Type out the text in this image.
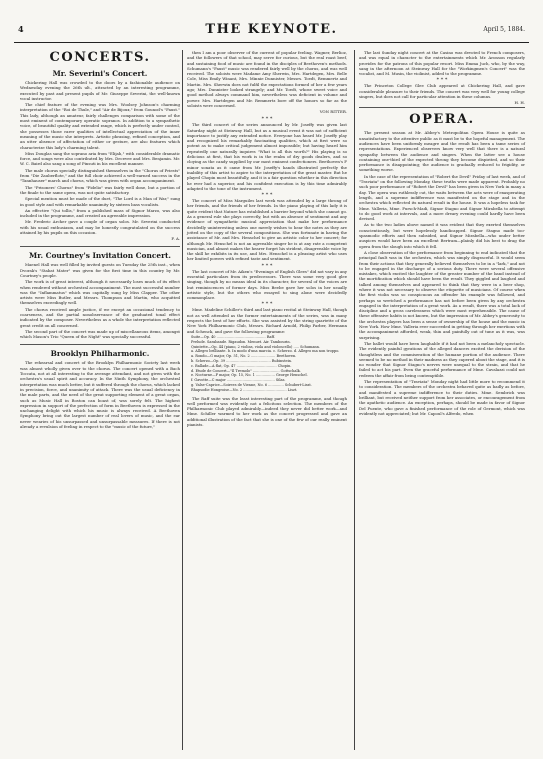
4	THE KEYNOTE.	April 5, 1884.
CONCERTS.
Mr. Severini's Concert.

Chickering Hall was crowded to the doors by a fashionable audience on Wednesday evening the 26th ult., attracted by an interesting programme, executed by past and present pupils of Mr. Giuseppe Severini, the well-known vocal instructor.

The chief feature of the evening was Mrs. Woolsey Johnson's charming interpretation of the "Roi de Thule," and "Air de Bijoux," from Gounod's "Faust." This lady, although an amateur, fairly challenges comparison with some of the most eminent of contemporary operatic sopranos. In addition to a sympathetic voice, of beautiful quality and extended range, which is perfectly under control, she possesses those rarer qualities of intellectual appreciation of the inner meaning of the music she interprets. Artistic phrasing, refined conception, and an utter absence of affectation of either or gesture, are also features which characterize this lady's charming talent.

Miss Douglas sang the soprano aria from "Elijah," with considerable dramatic force, and songs were also contributed by Mrs. Decevee and Mrs. Benjamin. Mr. W. C. Baird also sang a song of Pinsuti in his excellent manner.

The male chorus specially distinguished themselves in the "Chorus of Priests" from "Die Zauberflote," and the full choir achieved a well-earned success in the "Tannhauser" march and chorus, which was given with organ accompaniment.

The "Prisoners' Chorus" from "Fidelio" was fairly well done, but a portion of the finale to the same opera, was not quite satisfactory.

Special mention must be made of the duet, "The Lord is a Man of War," sung in good style and with remarkable unanimity by sixteen bass vocalists.

An effective "Qui tollis," from a published mass of Signor Marzo, was also included in the programme, and created an agreeable impression.

Mr. Frederic Archer gave a couple of organ solos. Mr. Severini conducted with his usual enthusiasm, and may be honestly congratulated on the success attained by his pupils on this occasion.

F. A.
Mr. Courtney's Invitation Concert.

Maenel Hall was well filled by invited guests on Tuesday the 25th inst., when Dvorak's "Stabat Mater" was given for the first time in this country by Mr. Courtney's people.

The work is of great interest, although it necessarily loses much of its effect when rendered without orchestral accompaniment. The most successful number was the "Inflammatus" which was capitally sung by Miss Clapper. The other artists were Miss Butler, and Messrs. Thompson and Martin, who acquitted themselves exceedingly well.

The chorus received ample justice, if we except an occasional tendency to coarseness, and the partial nonobservance of the graduated tonal effect indicated by the composer. Nevertheless as a whole the interpretation reflected great credit on all concerned.

The second part of the concert was made up of miscellaneous items, amongst which Mason's Trio "Queen of the Night" was specially successful.

Brooklyn Philharmonic.

The rehearsal and concert of the Brooklyn Philharmonic Society last week was almost wholly given over to the chorus. The concert opened with a Bach Toccata, not at all interesting to the average attendant, and not given with the orchestra's usual spirit and accuracy. In the Ninth Symphony, the orchestral interpretation was much better, but it suffered through the chorus, which lacked in precision, force, and unanimity of attack. There was the usual deficiency in the male parts, and the need of the great supporting element of a great organ, such as Music Hall in Boston can boast of, was sorely felt. The highest expression in support of the perfection of form in Beethoven is expressed in the unchanging delight with which his music is always received. A Beethoven Symphony bring out the largest number of real lovers of music, and the ear never wearies of his unsurpassed and unsurpassable measures. If there is not already a revulsion of feeling in respect to the "music of the future,"

then I am a poor observer of the current of popular feeling. Wagner, Berlioz, and the followers of that school, may serve for curious, but the real roast beef, and sustaining food of music are found in the disciples of Beethoven's methods. Schumann's "Faust" music was rendered fairly well by the chorus, and was well received. The soloists were Madame Amy Sherwin, Mrs. Hartdegen, Mrs. Belle Cole, Miss Emily Winant, Mrs. Minnie Dunnister, Messrs. Toedt, Remmertz and Martin. Mrs. Sherwin does not fulfil the expectations formed of her a few years ago; Mrs. Dunnister looked strangely; and Mr. Toedt, whose sweet voice and good method always command him, nevertheless was deficient in volume and power. Mrs. Hartdegen and Mr. Remmertz bore off the honors so far as the soloists were concerned.

VON RITTER.
* * *

The third concert of the series announced by Mr. Joseffy was given last Saturday night at Steinway Hall, but as a musical event it was not of sufficient importance to justify any extended notice. Everyone has heard Mr. Joseffy play and recognized his remarkably fascinating qualities, which at first were so potent as to make critical judgement almost impossible; but having heard him repeatedly one naturally inquires "What is all this worth?" His playing is so delicious at first, that his work is in the realm of dry goods dealers, and so cloying as the candy supplied by our most eminent confectioners. Beethoven's F minor sonata as it came from Mr. Joseffy's hands illustrated perfectly the inability of this artist to aspire to the interpretation of the great master. But he played Chopin most beautifully, and it is a fair question whether in this direction he ever had a superior, and his confident execution is by this time admirably adapted to the tone of the instrument.

* * *

The concert of Miss Marguiles last week was attended by a large throng of her friends, and the friends of her friends. In the piano playing of this lady it is quite evident that Nature has established a barrier beyond which she cannot go. As a general rule she plays correctly, but with an absence of sentiment and any evidence of sympathetic musical appreciation that make her performance decidedly uninteresting unless one merely wishes to hear the notes as they are jotted on the copy of the several compositions. She was fortunate in having the assistance of Mr. and Mrs. Henschel to give an artistic color to her concert; for although Mr. Henschel is not an agreeable singer he is at any rate a competent musician, and almost makes the hearer forget his strident, disagreeable voice by the skill he exhibits in its use, and Mrs. Henschel is a pleasing artist who uses her limited powers with refined taste and sentiment.

* * *

The last concert of Mr. Aiken's "Evenings of English Glees" did not vary in any essential particulars from its predecessors. There was some very good glee singing, though by no means ideal in its character, for several of the voices are but reminiscences of former days. Miss Beebe gave her solos in her usually artistic style, but the others who essayed to sing alone were decidedly commonplace.

* * *

Mme. Madeline Schiller's third and last piano recital at Steinway Hall, though not as well attended as the former entertainments of the series, was in many respects the best of her efforts. She was assisted by the string quartette of the New York Philharmonic Club, Messrs. Richard Arnold, Philip Farber, Hermann and Schenck, and gave the following programme:

Suite—Op. 40 ............................................ Raff.
Prelude. Sarabande. Rigaudon. Menuet. Air. Tambourin.
Quintette—Op. 44 (piano, 2 violins, viola and violoncello) ..... Schumann.
a. Allegro brilliante. b. In modo d'una marcia. c. Scherzo. d. Allegro ma non troppo.
a. Rondo—G major, Op. 51, No. 2 ...................... Beethoven.
b. Scherzo—Op. 39 ........................................ Rubinstein.
c. Ballade—A flat, Op. 47 .................................... Chopin.
d. Etude de Concert—"Il Tremolo" ........................ Gottschalk.
e. Nocturne—F major, Op. 15, No. 1 ................. George Henschel.
f. Gavotte—C major ........................................... Silas.
g. Valse-Caprice—Soirees de Vienne, No. 6 .............. Schubert-Liszt.
Rhapsodie Hongroise—No. 2 ....................................... Liszt.

The Raff suite was the least interesting part of the programme, and though well performed was evidently not a felicitous selection. The members of the Philharmonic Club played admirably—indeed they never did better work—and Mme. Schiller warmed to her work as the concert progressed and gave an additional illustration of the fact that she is one of the few of our really eminent pianists.

The last Sunday night concert at the Casino was devoted to French composers, and was equal in character to the entertainments which Mr. Aronson regularly provides for the patrons of this popular resort. Miss Emma Juch, who, by the way, sang in the afternoon at Steinway Hall for the "Workingmen's Concert" was the vocalist, and M. Musin, the violinist, added to the programme.

* * *

The Princeton College Glee Club appeared at Chickering Hall, and gave considerable pleasure to their friends. The concert was very well for young college singers, but does not call for particular attention in these columns.

H. H.
OPERA.

The present season at Mr. Abbey's Metropolitan Opera House is quite as unsatisfactory to the attentive public as it must be to the hopeful management. The audiences have been uniformly meagre and the result has been a tame series of representations. Experienced observers know very well that there is a natural sympathy between the audience and singers. When the latter see a house containing one-third of the expected throng they become dispirited, and so their performance is disappointing; the audience is gradually reduced to frigidity, or something worse.

In the case of the representation of "Robert the Devil" Friday of last week, and of "Traviata" on the following Monday, these truths were made apparent. Probably no such poor performance of "Robert the Devil" has been given in New York in many a day. The opera was ruthlessly cut, the waits between the acts were of exasperating length, and a supreme indifference was manifested on the stage and in the orchestra which reflected its natural result in the house. It was a hopeless task for Mme. Valleria, Mme. Fursch-Madi, Signor Stagno and Signor Mirabella to attempt to do good work at intervals, and a more dreary evening could hardly have been devised.

As to the two ladies above named it was evident that they exerted themselves conscientiously, but were hopelessly handicapped. Signor Stagno made too-spasmodic efforts and then subsided, and Signor Mirabella—who under better auspices would have been an excellent Bertram—plainly did his best to drag the opera from the slough into which it fell.

A close observation of the performance from beginning to end indicated that the principal fault was in the orchestra, which was simply disgraceful. It would seem from their actions that they generally believed themselves to be in a "lark," and not to be engaged in the discharge of a serious duty. There were several offensive mistakes, which excited the laughter of the greater number of the band instead of the mortification which should have been the result. They giggled and laughed and talked among themselves and appeared to think that they were in a beer shop, where it was not necessary to observe the etiquette of musicians. Of course when the first violin was so conspicuous an offender his example was followed, and perhaps so wretched a performance has not before been given by any orchestra engaged in the interpretation of a great work. As a result, there was a total lack of discipline and a gross carelessness which were most reprehensible. The cause of these offensive habits is not known, but the impression of Mr. Abbey's generosity to the orchestra players has been a sense of ownership of the house and the music in New York. How Mme. Valleria ever succeeded in getting through her exertions with the accompaniment afforded, weak, thin and painfully out of tune as it was, was surprising.

The ballet would have been laughable if it had not been a melancholy spectacle. The evidently painful gyrations of the alleged dancers excited the derision of the thoughtless and the commiseration of the humane portion of the audience. There seemed to be no method in their madness as they capered about the stage, and it is no wonder that Signor Stagno's nerves were unequal to the strain, and that he failed to act his part. Even the graceful performance of Mme. Cavalazzi could not redeem the affair from being contemptible.

The representation of "Traviata" Monday night had little more to recommend it to consideration. The members of the orchestra behaved quite as badly as before, and manifested a supreme indifference to their duties. Mme. Sembrich was brilliant, but received neither support from her associates, or encouragement from the apathetic audience. An exception, perhaps, should be made in favor of Signor Del Puente, who gave a finished performance of the role of Germont, which was evidently not appreciated; but Mr. Capoul's Alfredo, when
